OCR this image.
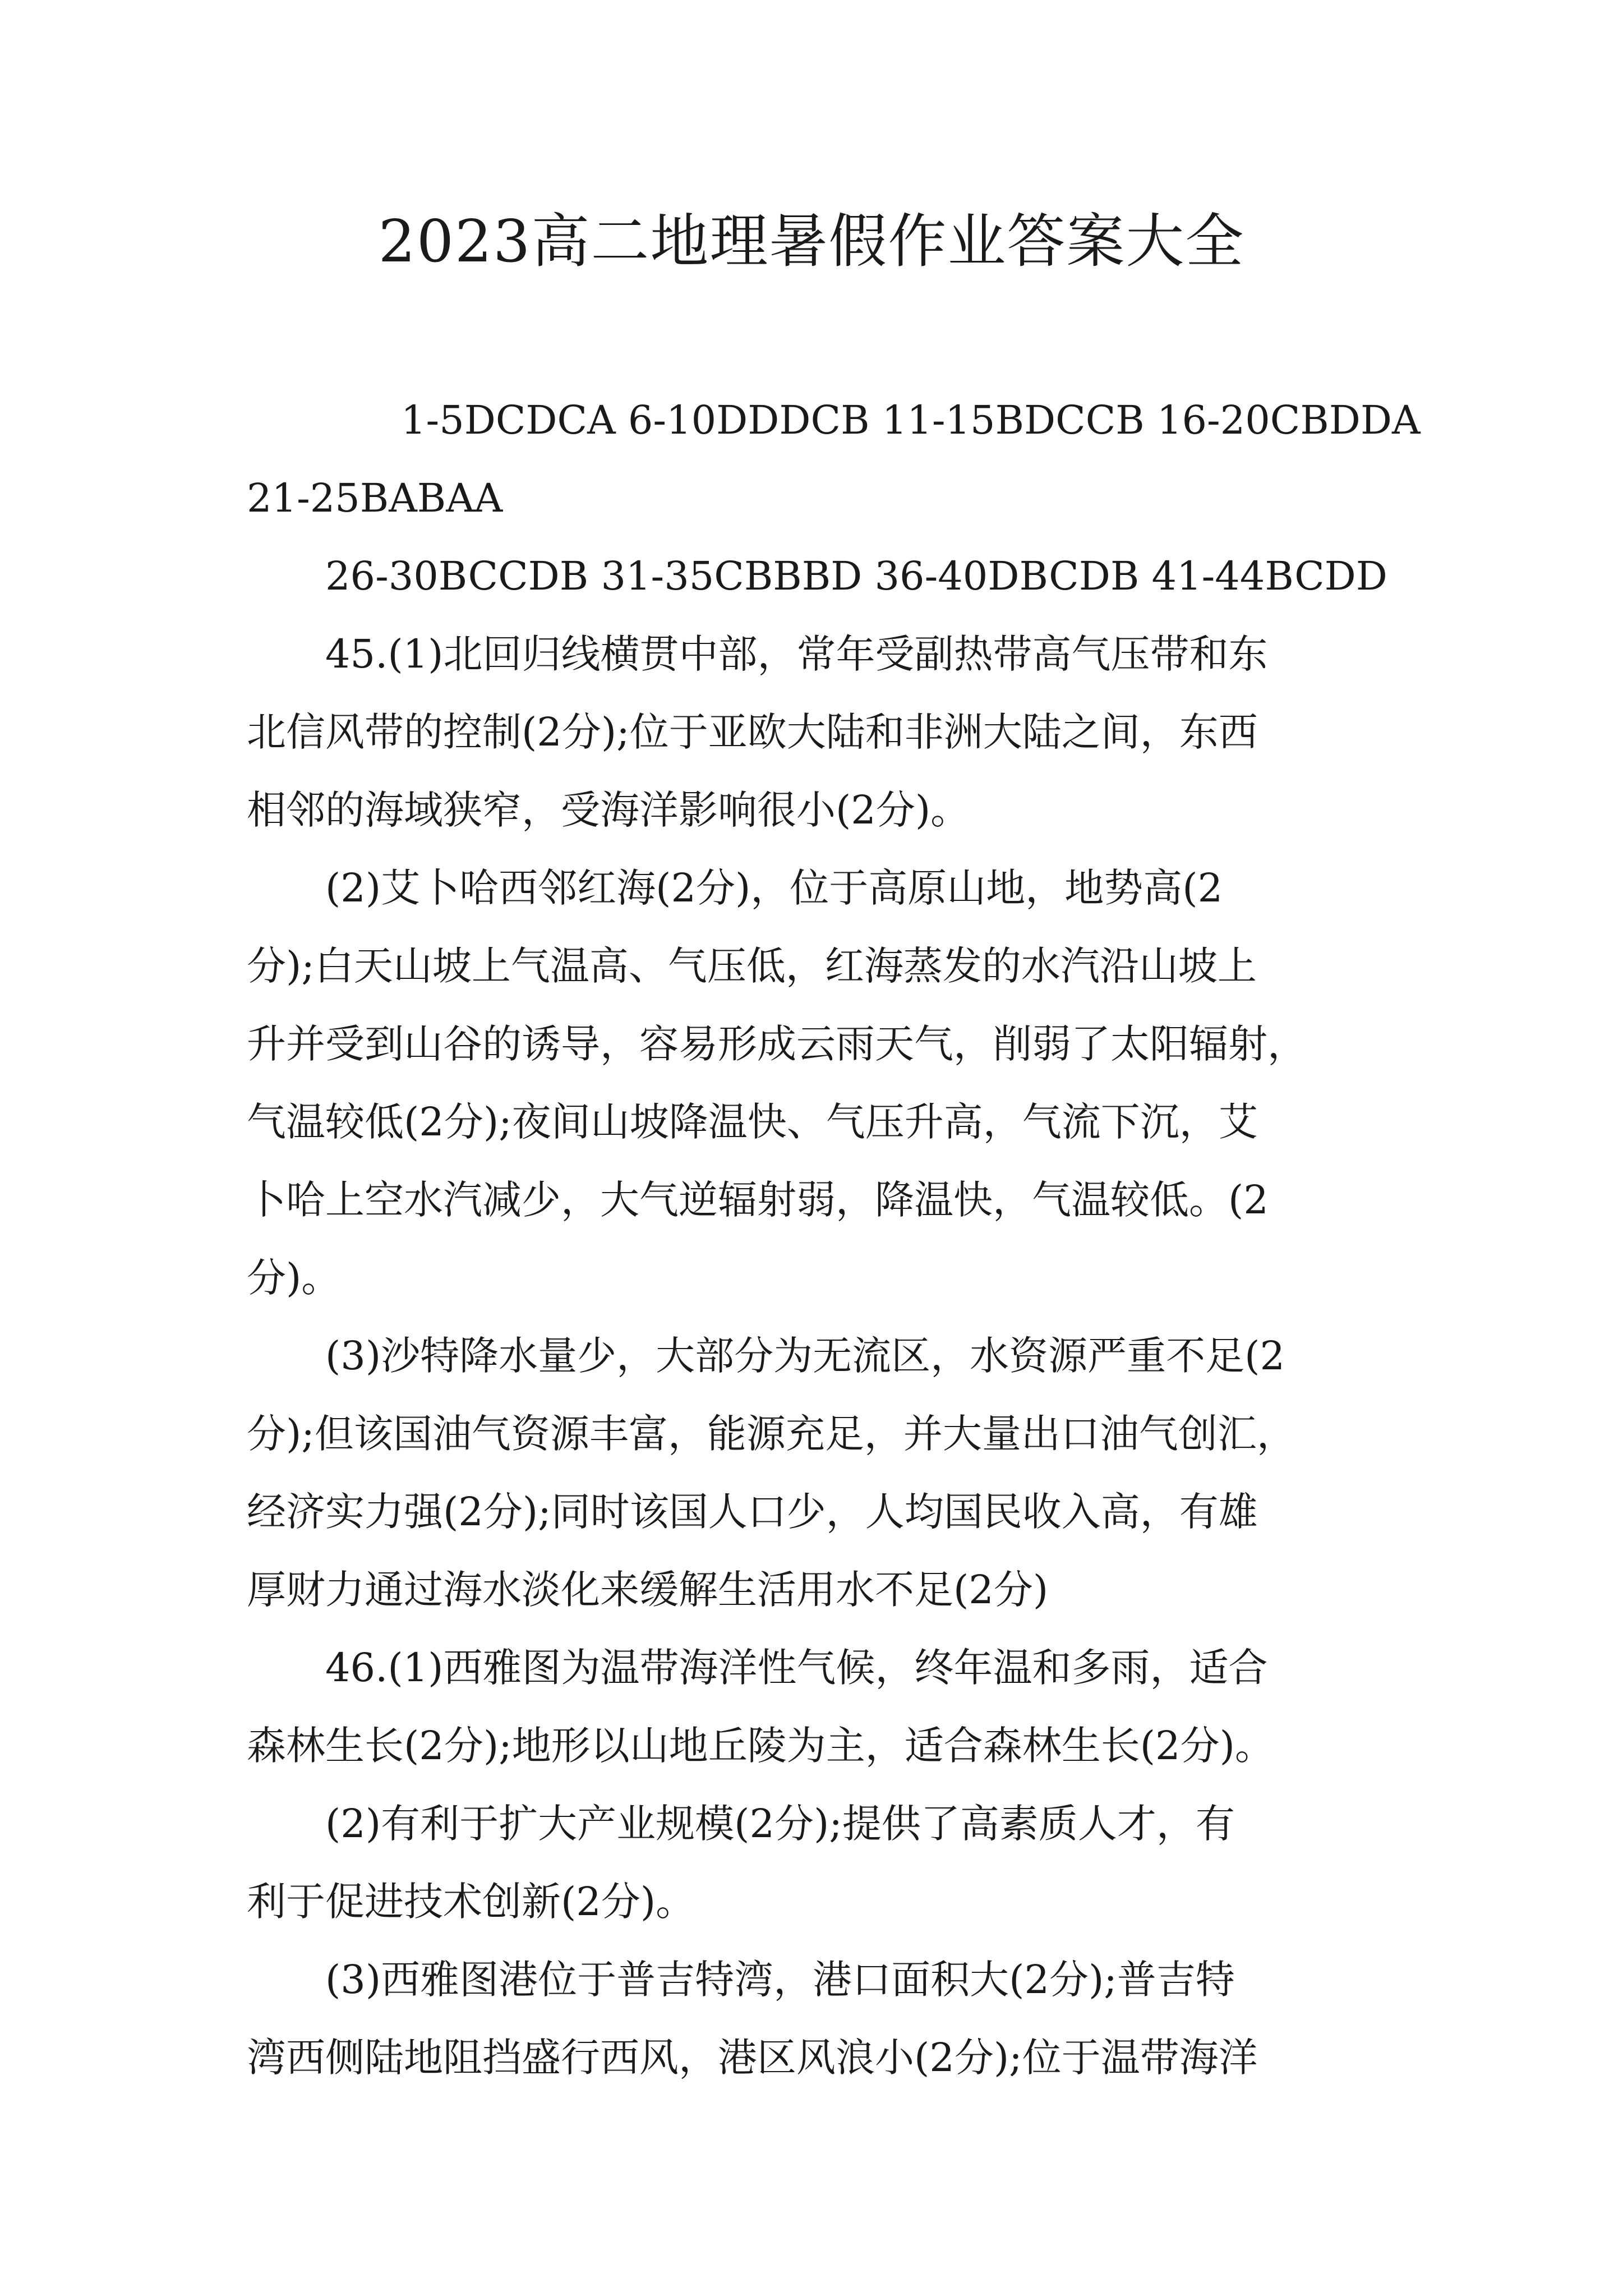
2023高二地理暑假作业答案大全
1-5DCDCA 6-10DDDCB 11-15BDCCB 16-20CBDDA
21-25BABAA
26-30BCCDB 31-35CBBBD 36-40DBCDB 41-44BCDD
45.(1)北回归线横贯中部，常年受副热带高气压带和东
北信风带的控制(2分);位于亚欧大陆和非洲大陆之间，东西
相邻的海域狭窄，受海洋影响很小(2分)。
(2)艾卜哈西邻红海(2分)，位于高原山地，地势高(2
分);白天山坡上气温高、气压低，红海蒸发的水汽沿山坡上
升并受到山谷的诱导，容易形成云雨天气，削弱了太阳辐射，
气温较低(2分);夜间山坡降温快、气压升高，气流下沉，艾
卜哈上空水汽减少，大气逆辐射弱，降温快，气温较低。(2
分)。
(3)沙特降水量少，大部分为无流区，水资源严重不足(2
分);但该国油气资源丰富，能源充足，并大量出口油气创汇，
经济实力强(2分);同时该国人口少，人均国民收入高，有雄
厚财力通过海水淡化来缓解生活用水不足(2分)
46.(1)西雅图为温带海洋性气候，终年温和多雨，适合
森林生长(2分);地形以山地丘陵为主，适合森林生长(2分)。
(2)有利于扩大产业规模(2分);提供了高素质人才，有
利于促进技术创新(2分)。
(3)西雅图港位于普吉特湾，港口面积大(2分);普吉特
湾西侧陆地阻挡盛行西风，港区风浪小(2分);位于温带海洋
